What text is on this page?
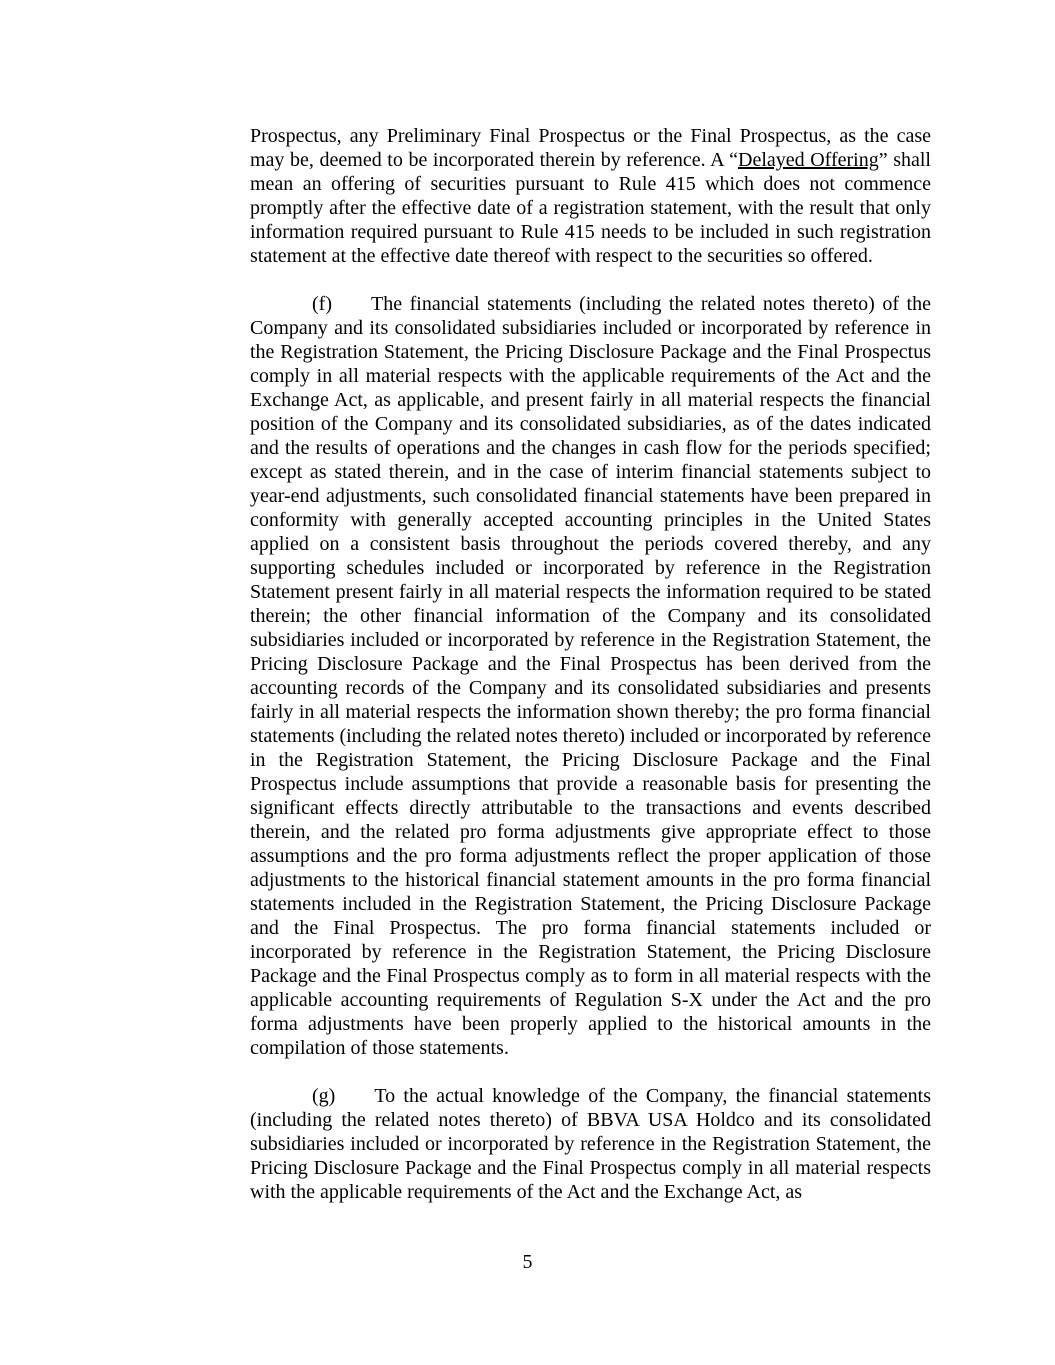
Prospectus, any Preliminary Final Prospectus or the Final Prospectus, as the case may be, deemed to be incorporated therein by reference. A “Delayed Offering” shall mean an offering of securities pursuant to Rule 415 which does not commence promptly after the effective date of a registration statement, with the result that only information required pursuant to Rule 415 needs to be included in such registration statement at the effective date thereof with respect to the securities so offered.

(f) The financial statements (including the related notes thereto) of the Company and its consolidated subsidiaries included or incorporated by reference in the Registration Statement, the Pricing Disclosure Package and the Final Prospectus comply in all material respects with the applicable requirements of the Act and the Exchange Act, as applicable, and present fairly in all material respects the financial position of the Company and its consolidated subsidiaries, as of the dates indicated and the results of operations and the changes in cash flow for the periods specified; except as stated therein, and in the case of interim financial statements subject to year-end adjustments, such consolidated financial statements have been prepared in conformity with generally accepted accounting principles in the United States applied on a consistent basis throughout the periods covered thereby, and any supporting schedules included or incorporated by reference in the Registration Statement present fairly in all material respects the information required to be stated therein; the other financial information of the Company and its consolidated subsidiaries included or incorporated by reference in the Registration Statement, the Pricing Disclosure Package and the Final Prospectus has been derived from the accounting records of the Company and its consolidated subsidiaries and presents fairly in all material respects the information shown thereby; the pro forma financial statements (including the related notes thereto) included or incorporated by reference in the Registration Statement, the Pricing Disclosure Package and the Final Prospectus include assumptions that provide a reasonable basis for presenting the significant effects directly attributable to the transactions and events described therein, and the related pro forma adjustments give appropriate effect to those assumptions and the pro forma adjustments reflect the proper application of those adjustments to the historical financial statement amounts in the pro forma financial statements included in the Registration Statement, the Pricing Disclosure Package and the Final Prospectus. The pro forma financial statements included or incorporated by reference in the Registration Statement, the Pricing Disclosure Package and the Final Prospectus comply as to form in all material respects with the applicable accounting requirements of Regulation S-X under the Act and the pro forma adjustments have been properly applied to the historical amounts in the compilation of those statements.

(g) To the actual knowledge of the Company, the financial statements (including the related notes thereto) of BBVA USA Holdco and its consolidated subsidiaries included or incorporated by reference in the Registration Statement, the Pricing Disclosure Package and the Final Prospectus comply in all material respects with the applicable requirements of the Act and the Exchange Act, as

5
